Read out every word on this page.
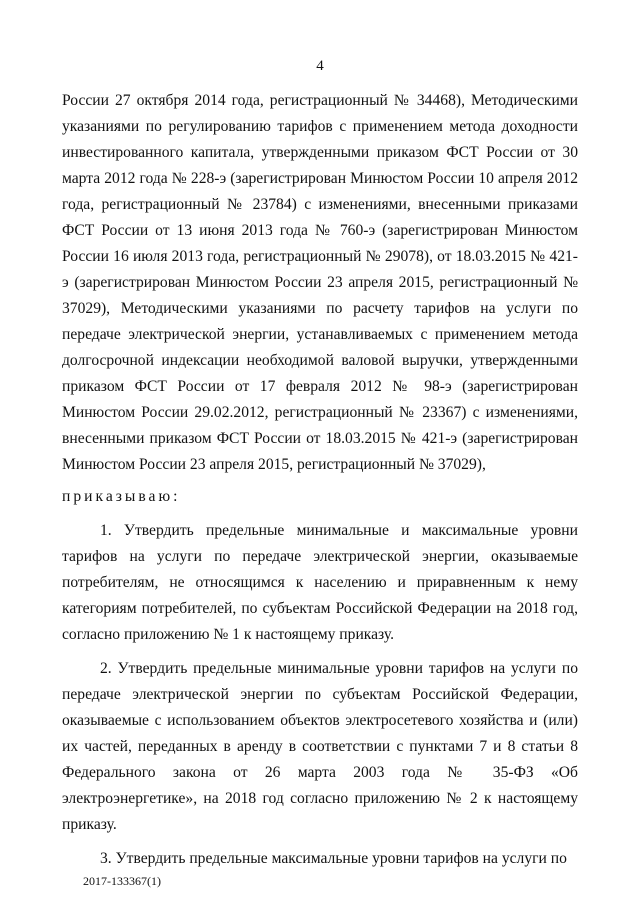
4

России 27 октября 2014 года, регистрационный № 34468), Методическими указаниями по регулированию тарифов с применением метода доходности инвестированного капитала, утвержденными приказом ФСТ России от 30 марта 2012 года № 228-э (зарегистрирован Минюстом России 10 апреля 2012 года, регистрационный № 23784) с изменениями, внесенными приказами ФСТ России от 13 июня 2013 года № 760-э (зарегистрирован Минюстом России 16 июля 2013 года, регистрационный № 29078), от 18.03.2015 № 421-э (зарегистрирован Минюстом России 23 апреля 2015, регистрационный № 37029), Методическими указаниями по расчету тарифов на услуги по передаче электрической энергии, устанавливаемых с применением метода долгосрочной индексации необходимой валовой выручки, утвержденными приказом ФСТ России от 17 февраля 2012 № 98-э (зарегистрирован Минюстом России 29.02.2012, регистрационный № 23367) с изменениями, внесенными приказом ФСТ России от 18.03.2015 № 421-э (зарегистрирован Минюстом России 23 апреля 2015, регистрационный № 37029),

приказываю:

1. Утвердить предельные минимальные и максимальные уровни тарифов на услуги по передаче электрической энергии, оказываемые потребителям, не относящимся к населению и приравненным к нему категориям потребителей, по субъектам Российской Федерации на 2018 год, согласно приложению № 1 к настоящему приказу.

2. Утвердить предельные минимальные уровни тарифов на услуги по передаче электрической энергии по субъектам Российской Федерации, оказываемые с использованием объектов электросетевого хозяйства и (или) их частей, переданных в аренду в соответствии с пунктами 7 и 8 статьи 8 Федерального закона от 26 марта 2003 года № 35-ФЗ «Об электроэнергетике», на 2018 год согласно приложению № 2 к настоящему приказу.

3. Утвердить предельные максимальные уровни тарифов на услуги по

2017-133367(1)
